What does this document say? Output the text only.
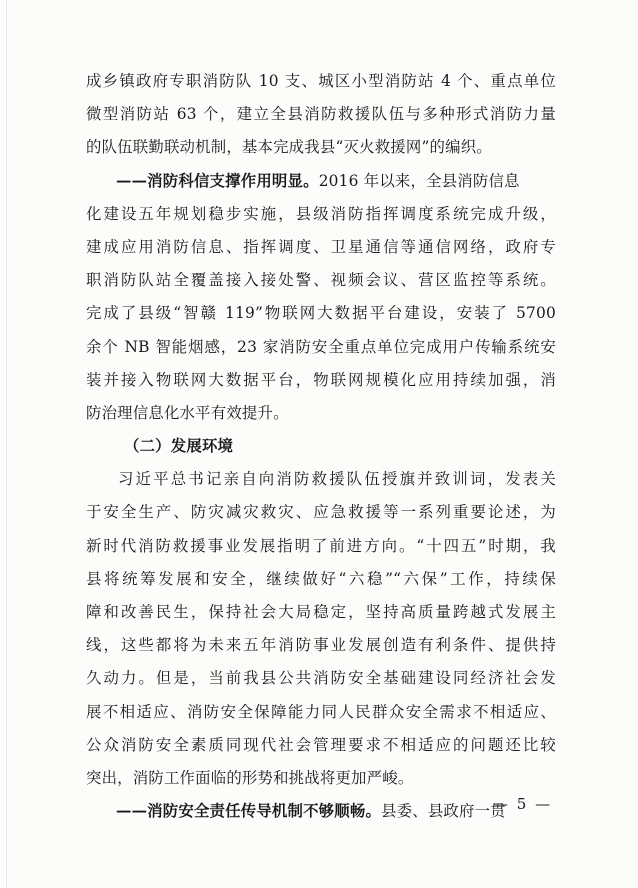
成乡镇政府专职消防队 10 支、城区小型消防站 4 个、重点单位
微型消防站 63 个，建立全县消防救援队伍与多种形式消防力量
的队伍联勤联动机制，基本完成我县“灭火救援网”的编织。
——消防科信支撑作用明显。2016 年以来，全县消防信息
化建设五年规划稳步实施，县级消防指挥调度系统完成升级，
建成应用消防信息、指挥调度、卫星通信等通信网络，政府专
职消防队站全覆盖接入接处警、视频会议、营区监控等系统。
完成了县级“智赣 119”物联网大数据平台建设，安装了 5700
余个 NB 智能烟感，23 家消防安全重点单位完成用户传输系统安
装并接入物联网大数据平台，物联网规模化应用持续加强，消
防治理信息化水平有效提升。
（二）发展环境
习近平总书记亲自向消防救援队伍授旗并致训词，发表关
于安全生产、防灾减灾救灾、应急救援等一系列重要论述，为
新时代消防救援事业发展指明了前进方向。“十四五”时期，我
县将统筹发展和安全，继续做好“六稳”“六保”工作，持续保
障和改善民生，保持社会大局稳定，坚持高质量跨越式发展主
线，这些都将为未来五年消防事业发展创造有利条件、提供持
久动力。但是，当前我县公共消防安全基础建设同经济社会发
展不相适应、消防安全保障能力同人民群众安全需求不相适应、
公众消防安全素质同现代社会管理要求不相适应的问题还比较
突出，消防工作面临的形势和挑战将更加严峻。
——消防安全责任传导机制不够顺畅。县委、县政府一贯
— 5 —
